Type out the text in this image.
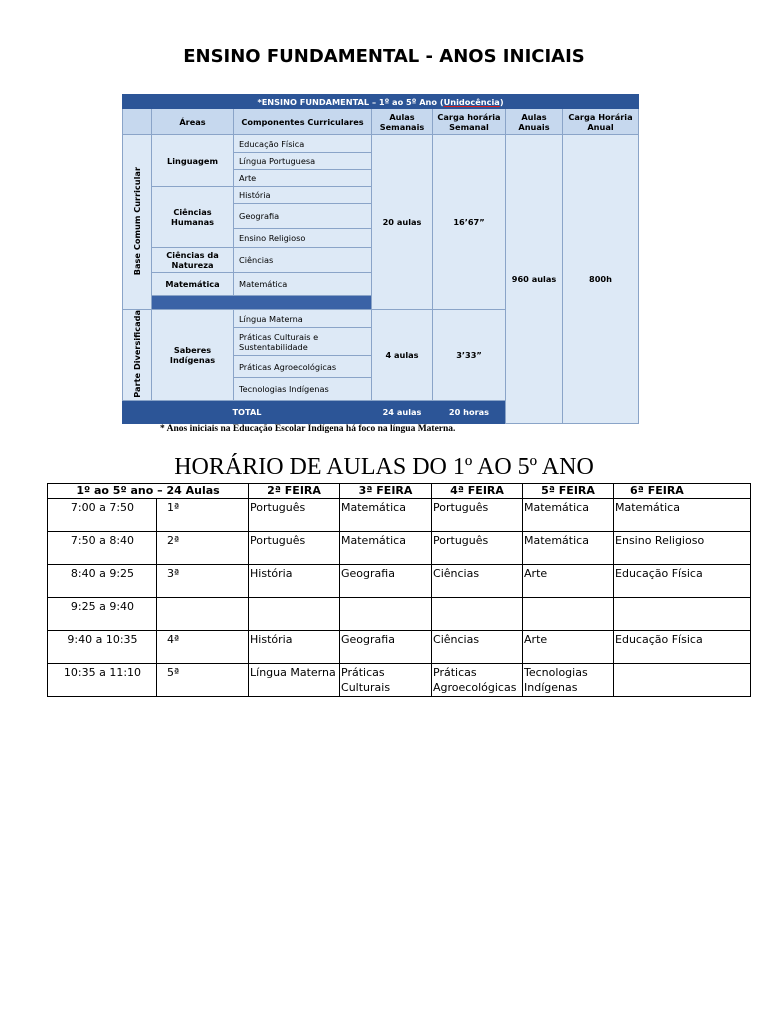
ENSINO FUNDAMENTAL - ANOS INICIAIS
*ENSINO FUNDAMENTAL – 1º ao 5º Ano (Unidocência)						
	Áreas	Componentes Curriculares	Aulas Semanais	Carga horária Semanal	Aulas Anuais	Carga Horária Anual
Base Comum Curricular	Linguagem	Educação Física	20 aulas	16’67”	960 aulas	800h
		Língua Portuguesa				
		Arte				
	Ciências Humanas	História				
		Geografia				
		Ensino Religioso				
	Ciências da Natureza	Ciências				
	Matemática	Matemática				

Parte Diversificada	Saberes Indígenas	Língua Materna	4 aulas	3’33”		
		Práticas Culturais e Sustentabilidade				
		Práticas Agroecológicas				
		Tecnologias Indígenas				
TOTAL			24 aulas	20 horas		
* Anos iniciais na Educação Escolar Indígena há foco na língua Materna.
HORÁRIO DE AULAS DO 1º AO 5º ANO
1º ao 5º ano – 24 Aulas		2ª FEIRA	3ª FEIRA	4ª FEIRA	5ª FEIRA	6ª FEIRA
7:00 a 7:50	1ª	Português	Matemática	Português	Matemática	Matemática
7:50 a 8:40	2ª	Português	Matemática	Português	Matemática	Ensino Religioso
8:40 a 9:25	3ª	História	Geografia	Ciências	Arte	Educação Física
9:25 a 9:40						
9:40 a 10:35	4ª	História	Geografia	Ciências	Arte	Educação Física
10:35 a 11:10	5ª	Língua Materna	Práticas Culturais	Práticas Agroecológicas	Tecnologias Indígenas	
